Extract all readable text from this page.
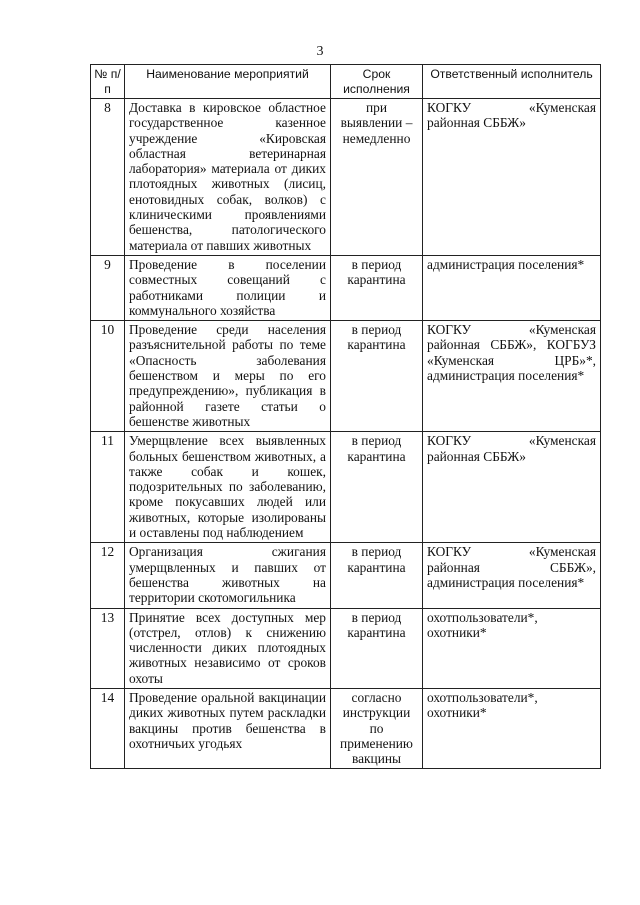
3
№ п/п	Наименование мероприятий	Срок исполнения	Ответственный исполнитель
8	Доставка в кировское областное государственное казенное учреждение «Кировская областная ветеринарная лаборатория» материала от диких плотоядных животных (лисиц, енотовидных собак, волков) с клиническими проявлениями бешенства, патологического материала от павших животных	при выявлении – немедленно	КОГКУ «Куменская районная СББЖ»
9	Проведение в поселении совместных совещаний с работниками полиции и коммунального хозяйства	в период карантина	администрация поселения*
10	Проведение среди населения разъяснительной работы по теме «Опасность заболевания бешенством и меры по его предупреждению», публикация в районной газете статьи о бешенстве животных	в период карантина	КОГКУ «Куменская районная СББЖ», КОГБУЗ «Куменская ЦРБ»*, администрация поселения*
11	Умерщвление всех выявленных больных бешенством животных, а также собак и кошек, подозрительных по заболеванию, кроме покусавших людей или животных, которые изолированы и оставлены под наблюдением	в период карантина	КОГКУ «Куменская районная СББЖ»
12	Организация сжигания умерщвленных и павших от бешенства животных на территории скотомогильника	в период карантина	КОГКУ «Куменская районная СББЖ», администрация поселения*
13	Принятие всех доступных мер (отстрел, отлов) к снижению численности диких плотоядных животных независимо от сроков охоты	в период карантина	охотпользователи*, охотники*
14	Проведение оральной вакцинации диких животных путем раскладки вакцины против бешенства в охотничьих угодьях	согласно инструкции по применению вакцины	охотпользователи*, охотники*
